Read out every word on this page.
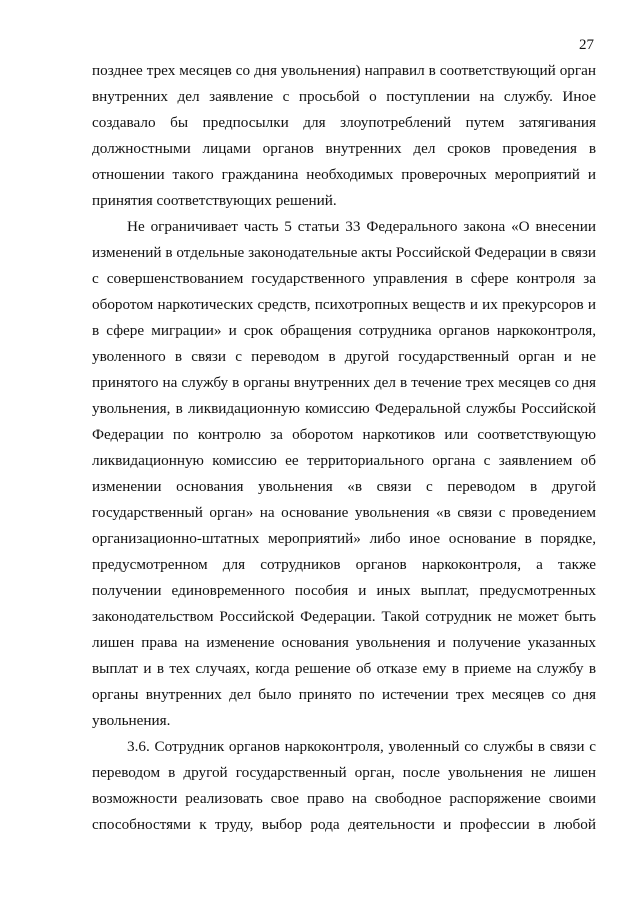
27
позднее трех месяцев со дня увольнения) направил в соответствующий орган
внутренних дел заявление с просьбой о поступлении на службу. Иное
создавало бы предпосылки для злоупотреблений путем затягивания
должностными лицами органов внутренних дел сроков проведения в
отношении такого гражданина необходимых проверочных мероприятий и
принятия соответствующих решений.
Не ограничивает часть 5 статьи 33 Федерального закона «О внесении
изменений в отдельные законодательные акты Российской Федерации в связи
с совершенствованием государственного управления в сфере контроля за
оборотом наркотических средств, психотропных веществ и их прекурсоров и
в сфере миграции» и срок обращения сотрудника органов наркоконтроля,
уволенного в связи с переводом в другой государственный орган и не
принятого на службу в органы внутренних дел в течение трех месяцев со дня
увольнения, в ликвидационную комиссию Федеральной службы Российской
Федерации по контролю за оборотом наркотиков или соответствующую
ликвидационную комиссию ее территориального органа с заявлением об
изменении основания увольнения «в связи с переводом в другой
государственный орган» на основание увольнения «в связи с проведением
организационно-штатных мероприятий» либо иное основание в порядке,
предусмотренном для сотрудников органов наркоконтроля, а также
получении единовременного пособия и иных выплат, предусмотренных
законодательством Российской Федерации. Такой сотрудник не может быть
лишен права на изменение основания увольнения и получение указанных
выплат и в тех случаях, когда решение об отказе ему в приеме на службу в
органы внутренних дел было принято по истечении трех месяцев со дня
увольнения.
3.6. Сотрудник органов наркоконтроля, уволенный со службы в связи с
переводом в другой государственный орган, после увольнения не лишен
возможности реализовать свое право на свободное распоряжение своими
способностями к труду, выбор рода деятельности и профессии в любой
